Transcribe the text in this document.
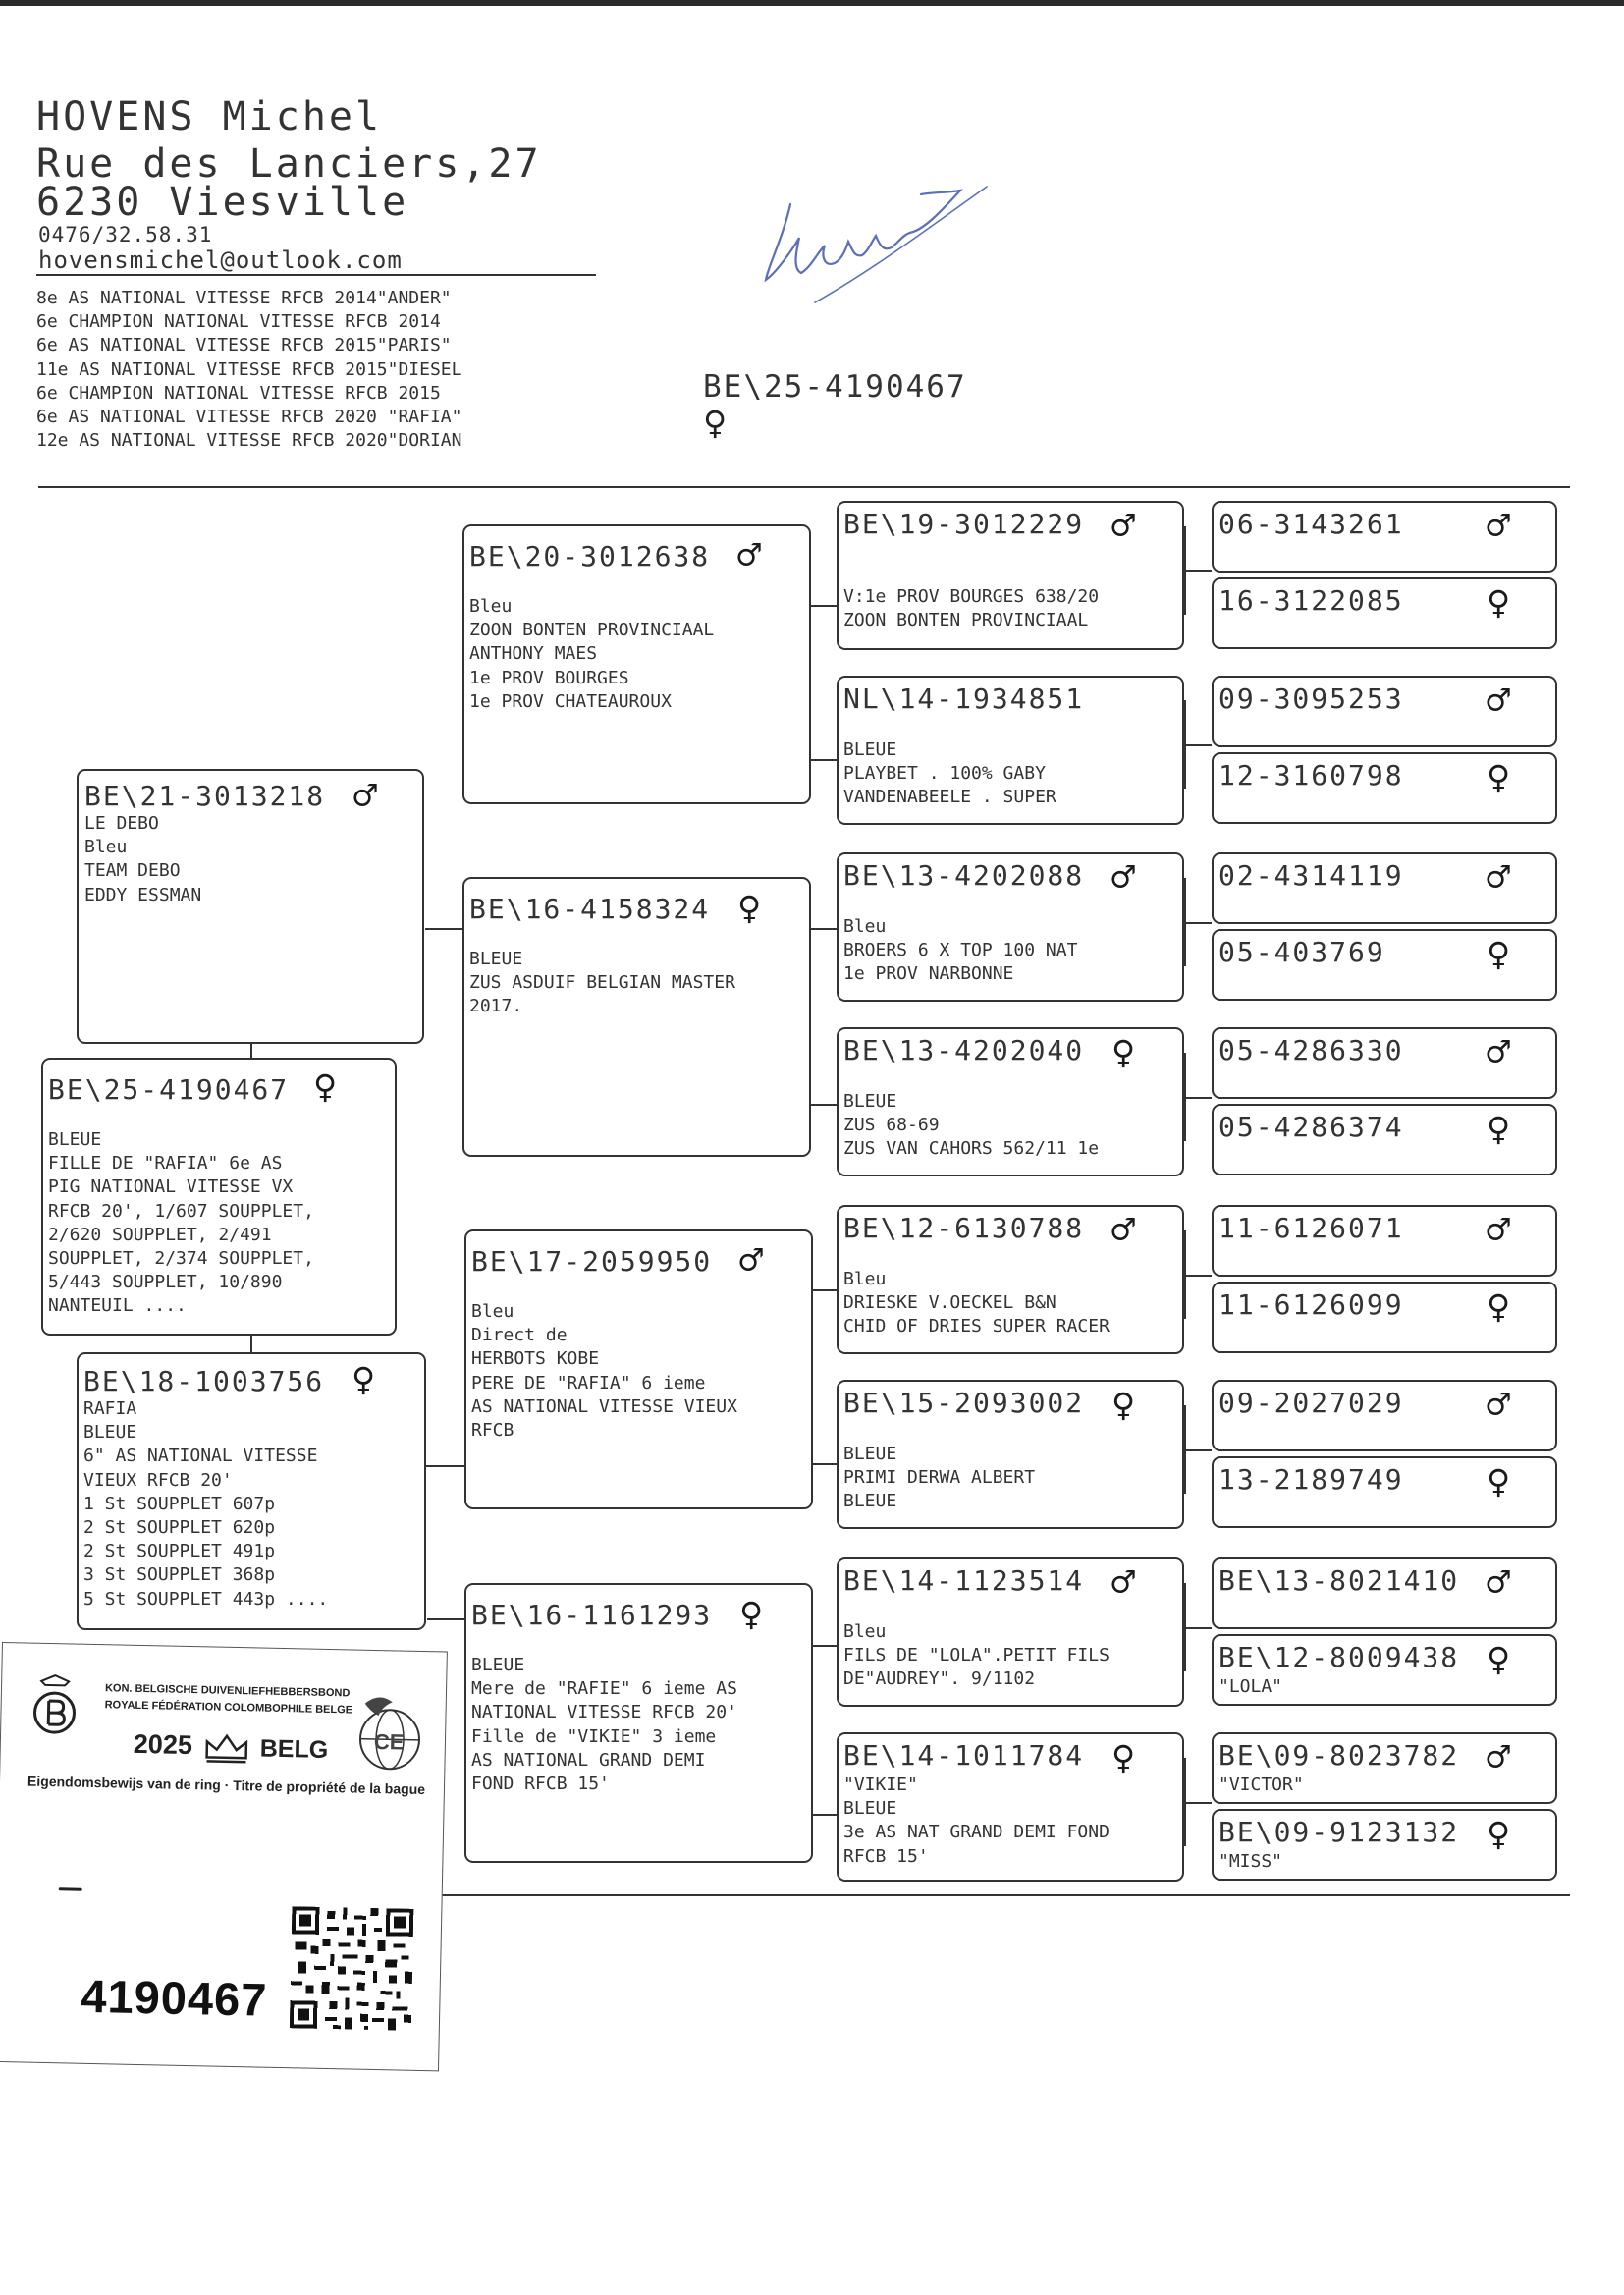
HOVENS Michel
Rue des Lanciers,27
6230 Viesville
0476/32.58.31
hovensmichel@outlook.com
8e AS NATIONAL VITESSE RFCB 2014"ANDER"
6e CHAMPION NATIONAL VITESSE RFCB 2014
6e AS NATIONAL VITESSE RFCB 2015"PARIS"
11e AS NATIONAL VITESSE RFCB 2015"DIESEL
6e CHAMPION NATIONAL VITESSE RFCB 2015
6e AS NATIONAL VITESSE RFCB 2020 "RAFIA"
12e AS NATIONAL VITESSE RFCB 2020"DORIAN
BE\25-4190467
♀
BE\21-3013218 ♂
LE DEBO
Bleu
TEAM DEBO
EDDY ESSMAN
BE\25-4190467 ♀
BLEUE
FILLE DE "RAFIA" 6e AS
PIG NATIONAL VITESSE VX
RFCB 20', 1/607 SOUPPLET,
2/620 SOUPPLET, 2/491
SOUPPLET, 2/374 SOUPPLET,
5/443 SOUPPLET, 10/890
NANTEUIL ....
BE\18-1003756 ♀
RAFIA
BLEUE
6" AS NATIONAL VITESSE
VIEUX RFCB 20'
1 St SOUPPLET 607p
2 St SOUPPLET 620p
2 St SOUPPLET 491p
3 St SOUPPLET 368p
5 St SOUPPLET 443p ....
BE\20-3012638 ♂
Bleu
ZOON BONTEN PROVINCIAAL
ANTHONY MAES
1e PROV BOURGES
1e PROV CHATEAUROUX
BE\16-4158324 ♀
BLEUE
ZUS ASDUIF BELGIAN MASTER
2017.
BE\17-2059950 ♂
Bleu
Direct de
HERBOTS KOBE
PERE DE "RAFIA" 6 ieme
AS NATIONAL VITESSE VIEUX
RFCB
BE\16-1161293 ♀
BLEUE
Mere de "RAFIE" 6 ieme AS
NATIONAL VITESSE RFCB 20'
Fille de "VIKIE" 3 ieme
AS NATIONAL GRAND DEMI
FOND RFCB 15'
BE\19-3012229 ♂
V:1e PROV BOURGES 638/20
ZOON BONTEN PROVINCIAAL
NL\14-1934851
BLEUE
PLAYBET . 100% GABY
VANDENABEELE . SUPER
BE\13-4202088 ♂
Bleu
BROERS 6 X TOP 100 NAT
1e PROV NARBONNE
BE\13-4202040 ♀
BLEUE
ZUS 68-69
ZUS VAN CAHORS 562/11 1e
BE\12-6130788 ♂
Bleu
DRIESKE V.OECKEL B&N
CHID OF DRIES SUPER RACER
BE\15-2093002 ♀
BLEUE
PRIMI DERWA ALBERT
BLEUE
BE\14-1123514 ♂
Bleu
FILS DE "LOLA".PETIT FILS
DE"AUDREY". 9/1102
BE\14-1011784 ♀
"VIKIE"
BLEUE
3e AS NAT GRAND DEMI FOND
RFCB 15'
06-3143261 ♂
16-3122085 ♀
09-3095253 ♂
12-3160798 ♀
02-4314119 ♂
05-403769	♀
05-4286330 ♂
05-4286374 ♀
11-6126071 ♂
11-6126099 ♀
09-2027029 ♂
13-2189749 ♀
BE\13-8021410 ♂
BE\12-8009438 ♀
"LOLA"
BE\09-8023782 ♂
"VICTOR"
BE\09-9123132 ♀
"MISS"
KON. BELGISCHE DUIVENLIEFHEBBERSBOND
ROYALE FÉDÉRATION COLOMBOPHILE BELGE
2025	BELG CE
Eigendomsbewijs van de ring · Titre de propriété de la bague
4190467
